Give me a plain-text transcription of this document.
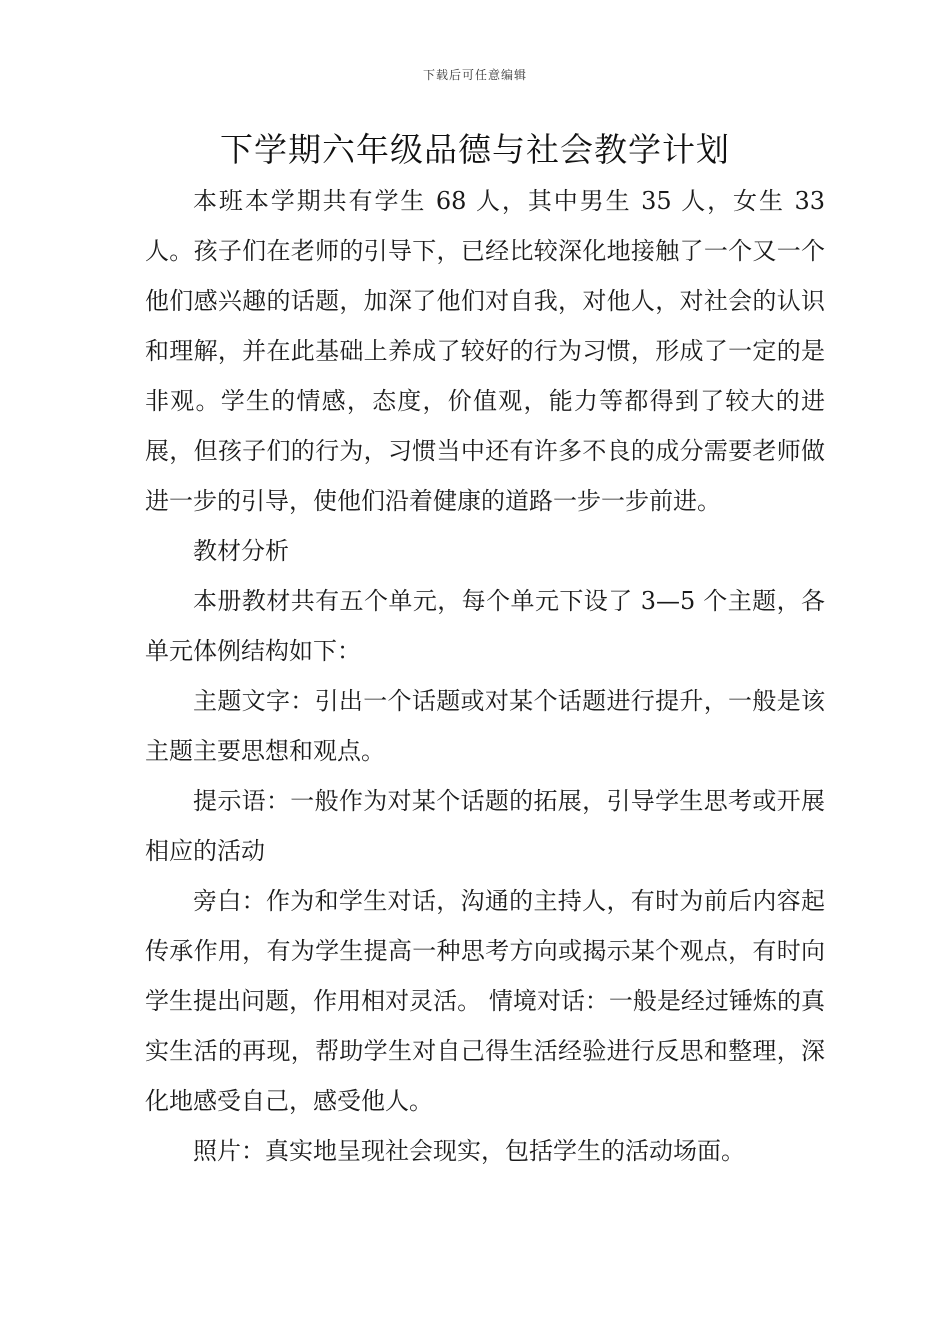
下载后可任意编辑
下学期六年级品德与社会教学计划

本班本学期共有学生 68 人，其中男生 35 人，女生 33 人。孩子们在老师的引导下，已经比较深化地接触了一个又一个他们感兴趣的话题，加深了他们对自我，对他人，对社会的认识和理解，并在此基础上养成了较好的行为习惯，形成了一定的是非观。学生的情感，态度，价值观，能力等都得到了较大的进展，但孩子们的行为，习惯当中还有许多不良的成分需要老师做进一步的引导，使他们沿着健康的道路一步一步前进。

教材分析

本册教材共有五个单元，每个单元下设了 3—5 个主题，各单元体例结构如下：

主题文字：引出一个话题或对某个话题进行提升，一般是该主题主要思想和观点。

提示语：一般作为对某个话题的拓展，引导学生思考或开展相应的活动

旁白：作为和学生对话，沟通的主持人，有时为前后内容起传承作用，有为学生提高一种思考方向或揭示某个观点，有时向学生提出问题，作用相对灵活。 情境对话：一般是经过锤炼的真实生活的再现，帮助学生对自己得生活经验进行反思和整理，深化地感受自己，感受他人。

照片：真实地呈现社会现实，包括学生的活动场面。
